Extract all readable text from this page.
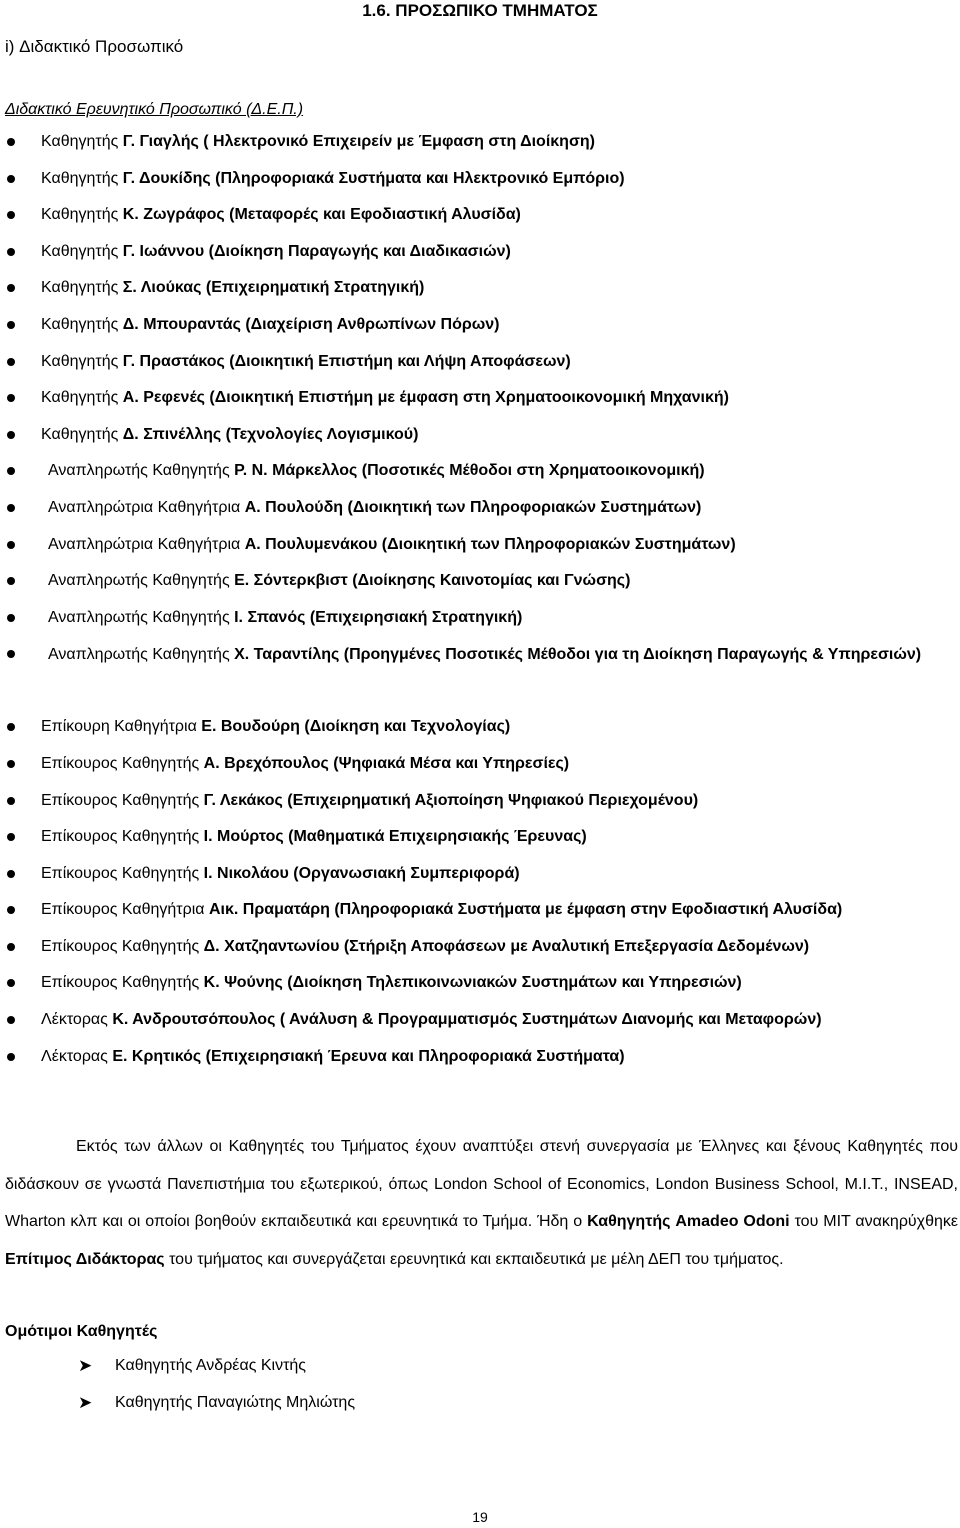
1.6. ΠΡΟΣΩΠΙΚΟ ΤΜΗΜΑΤΟΣ
i) Διδακτικό Προσωπικό
Διδακτικό Ερευνητικό Προσωπικό (Δ.Ε.Π.)
Καθηγητής Γ. Γιαγλής ( Ηλεκτρονικό Επιχειρείν με Έμφαση στη Διοίκηση)
Καθηγητής Γ. Δουκίδης (Πληροφοριακά Συστήματα και Ηλεκτρονικό Εμπόριο)
Καθηγητής Κ. Ζωγράφος (Μεταφορές και Εφοδιαστική Αλυσίδα)
Καθηγητής Γ. Ιωάννου (Διοίκηση Παραγωγής και Διαδικασιών)
Καθηγητής Σ. Λιούκας (Επιχειρηματική Στρατηγική)
Καθηγητής Δ. Μπουραντάς (Διαχείριση Ανθρωπίνων Πόρων)
Καθηγητής Γ. Πραστάκος (Διοικητική Επιστήμη και Λήψη Αποφάσεων)
Καθηγητής Α. Ρεφενές (Διοικητική Επιστήμη με έμφαση στη Χρηματοοικονομική Μηχανική)
Καθηγητής Δ. Σπινέλλης (Τεχνολογίες Λογισμικού)
Αναπληρωτής Καθηγητής Ρ. Ν. Μάρκελλος (Ποσοτικές Μέθοδοι στη Χρηματοοικονομική)
Αναπληρώτρια Καθηγήτρια Α. Πουλούδη (Διοικητική των Πληροφοριακών Συστημάτων)
Αναπληρώτρια Καθηγήτρια Α. Πουλυμενάκου (Διοικητική των Πληροφοριακών Συστημάτων)
Αναπληρωτής Καθηγητής Ε. Σόντερκβιστ (Διοίκησης Καινοτομίας και Γνώσης)
Αναπληρωτής Καθηγητής Ι. Σπανός (Επιχειρησιακή Στρατηγική)
Αναπληρωτής Καθηγητής Χ. Ταραντίλης (Προηγμένες Ποσοτικές Μέθοδοι για τη Διοίκηση Παραγωγής & Υπηρεσιών)
Επίκουρη Καθηγήτρια Ε. Βουδούρη (Διοίκηση και Τεχνολογίας)
Επίκουρος Καθηγητής Α. Βρεχόπουλος (Ψηφιακά Μέσα και Υπηρεσίες)
Επίκουρος Καθηγητής Γ. Λεκάκος (Επιχειρηματική Αξιοποίηση Ψηφιακού Περιεχομένου)
Επίκουρος Καθηγητής Ι. Μούρτος (Μαθηματικά Επιχειρησιακής Έρευνας)
Επίκουρος Καθηγητής Ι. Νικολάου (Οργανωσιακή Συμπεριφορά)
Επίκουρος Καθηγήτρια Αικ. Πραματάρη (Πληροφοριακά Συστήματα με έμφαση στην Εφοδιαστική Αλυσίδα)
Επίκουρος Καθηγητής Δ. Χατζηαντωνίου (Στήριξη Αποφάσεων με Αναλυτική Επεξεργασία Δεδομένων)
Επίκουρος Καθηγητής Κ. Ψούνης (Διοίκηση Τηλεπικοινωνιακών Συστημάτων και Υπηρεσιών)
Λέκτορας Κ. Ανδρουτσόπουλος ( Ανάλυση & Προγραμματισμός Συστημάτων Διανομής και Μεταφορών)
Λέκτορας Ε. Κρητικός (Επιχειρησιακή Έρευνα και Πληροφοριακά Συστήματα)

Εκτός των άλλων οι Καθηγητές του Τμήματος έχουν αναπτύξει στενή συνεργασία με Έλληνες και ξένους Καθηγητές που διδάσκουν σε γνωστά Πανεπιστήμια του εξωτερικού, όπως London School of Economics, London Business School, M.I.T., INSEAD, Wharton κλπ και οι οποίοι βοηθούν εκπαιδευτικά και ερευνητικά το Τμήμα. Ήδη ο Καθηγητής Amadeo Odoni του MIT ανακηρύχθηκε Επίτιμος Διδάκτορας του τμήματος και συνεργάζεται ερευνητικά και εκπαιδευτικά με μέλη ΔΕΠ του τμήματος.

Ομότιμοι Καθηγητές
➤ Καθηγητής Ανδρέας Κιντής
➤ Καθηγητής Παναγιώτης Μηλιώτης
19
